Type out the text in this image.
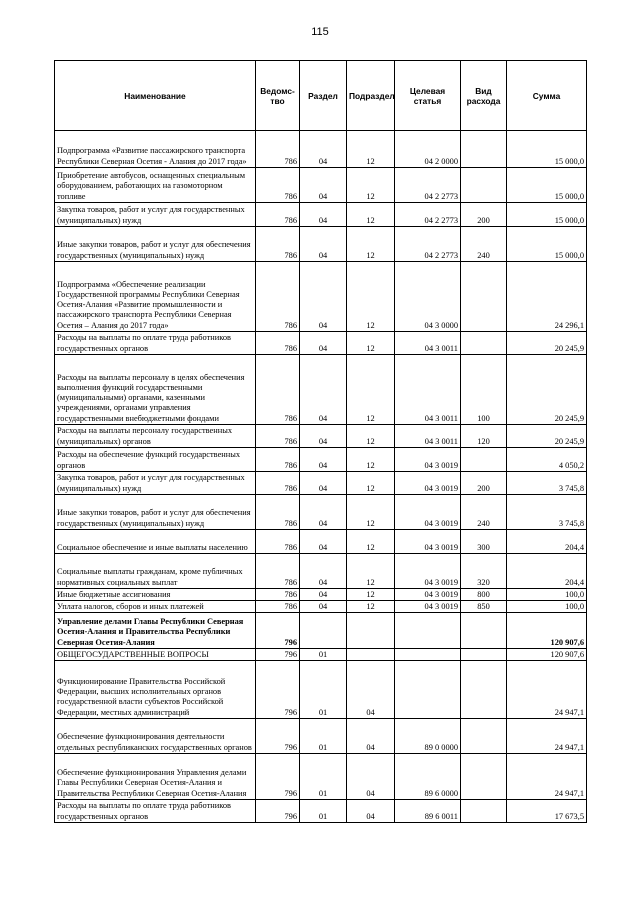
115
Наименование	Ведомс-тво	Раздел	Подраздел	Целевая статья	Вид расхода	Сумма
Подпрограмма «Развитие пассажирского транспорта Республики Северная Осетия - Алания до 2017 года»	786	04	12	04 2 0000		15 000,0
Приобретение автобусов, оснащенных специальным оборудованием, работающих на газомоторном топливе	786	04	12	04 2 2773		15 000,0
Закупка товаров, работ и услуг для государственных (муниципальных) нужд	786	04	12	04 2 2773	200	15 000,0
Иные закупки товаров, работ и услуг для обеспечения государственных (муниципальных) нужд	786	04	12	04 2 2773	240	15 000,0
Подпрограмма «Обеспечение реализации Государственной программы Республики Северная Осетия-Алания «Развитие промышленности и пассажирского транспорта Республики Северная Осетия – Алания до 2017 года»	786	04	12	04 3 0000		24 296,1
Расходы на выплаты по оплате труда работников государственных органов	786	04	12	04 3 0011		20 245,9
Расходы на выплаты персоналу в целях обеспечения выполнения функций государственными (муниципальными) органами, казенными учреждениями, органами управления государственными внебюджетными фондами	786	04	12	04 3 0011	100	20 245,9
Расходы на выплаты персоналу государственных (муниципальных) органов	786	04	12	04 3 0011	120	20 245,9
Расходы на обеспечение функций государственных органов	786	04	12	04 3 0019		4 050,2
Закупка товаров, работ и услуг для государственных (муниципальных) нужд	786	04	12	04 3 0019	200	3 745,8
Иные закупки товаров, работ и услуг для обеспечения государственных (муниципальных) нужд	786	04	12	04 3 0019	240	3 745,8
Социальное обеспечение и иные выплаты населению	786	04	12	04 3 0019	300	204,4
Социальные выплаты гражданам, кроме публичных нормативных социальных выплат	786	04	12	04 3 0019	320	204,4
Иные бюджетные ассигнования	786	04	12	04 3 0019	800	100,0
Уплата налогов, сборов и иных платежей	786	04	12	04 3 0019	850	100,0
Управление делами Главы Республики Северная Осетия-Алания и Правительства Республики Северная Осетия-Алания	796					120 907,6
ОБЩЕГОСУДАРСТВЕННЫЕ ВОПРОСЫ	796	01				120 907,6
Функционирование Правительства Российской Федерации, высших исполнительных органов государственной власти субъектов Российской Федерации, местных администраций	796	01	04			24 947,1
Обеспечение функционирования деятельности отдельных республиканских государственных органов	796	01	04	89 0 0000		24 947,1
Обеспечение функционирования Управления делами Главы Республики Северная Осетия-Алания и Правительства Республики Северная Осетия-Алания	796	01	04	89 6 0000		24 947,1
Расходы на выплаты по оплате труда работников государственных органов	796	01	04	89 6 0011		17 673,5
